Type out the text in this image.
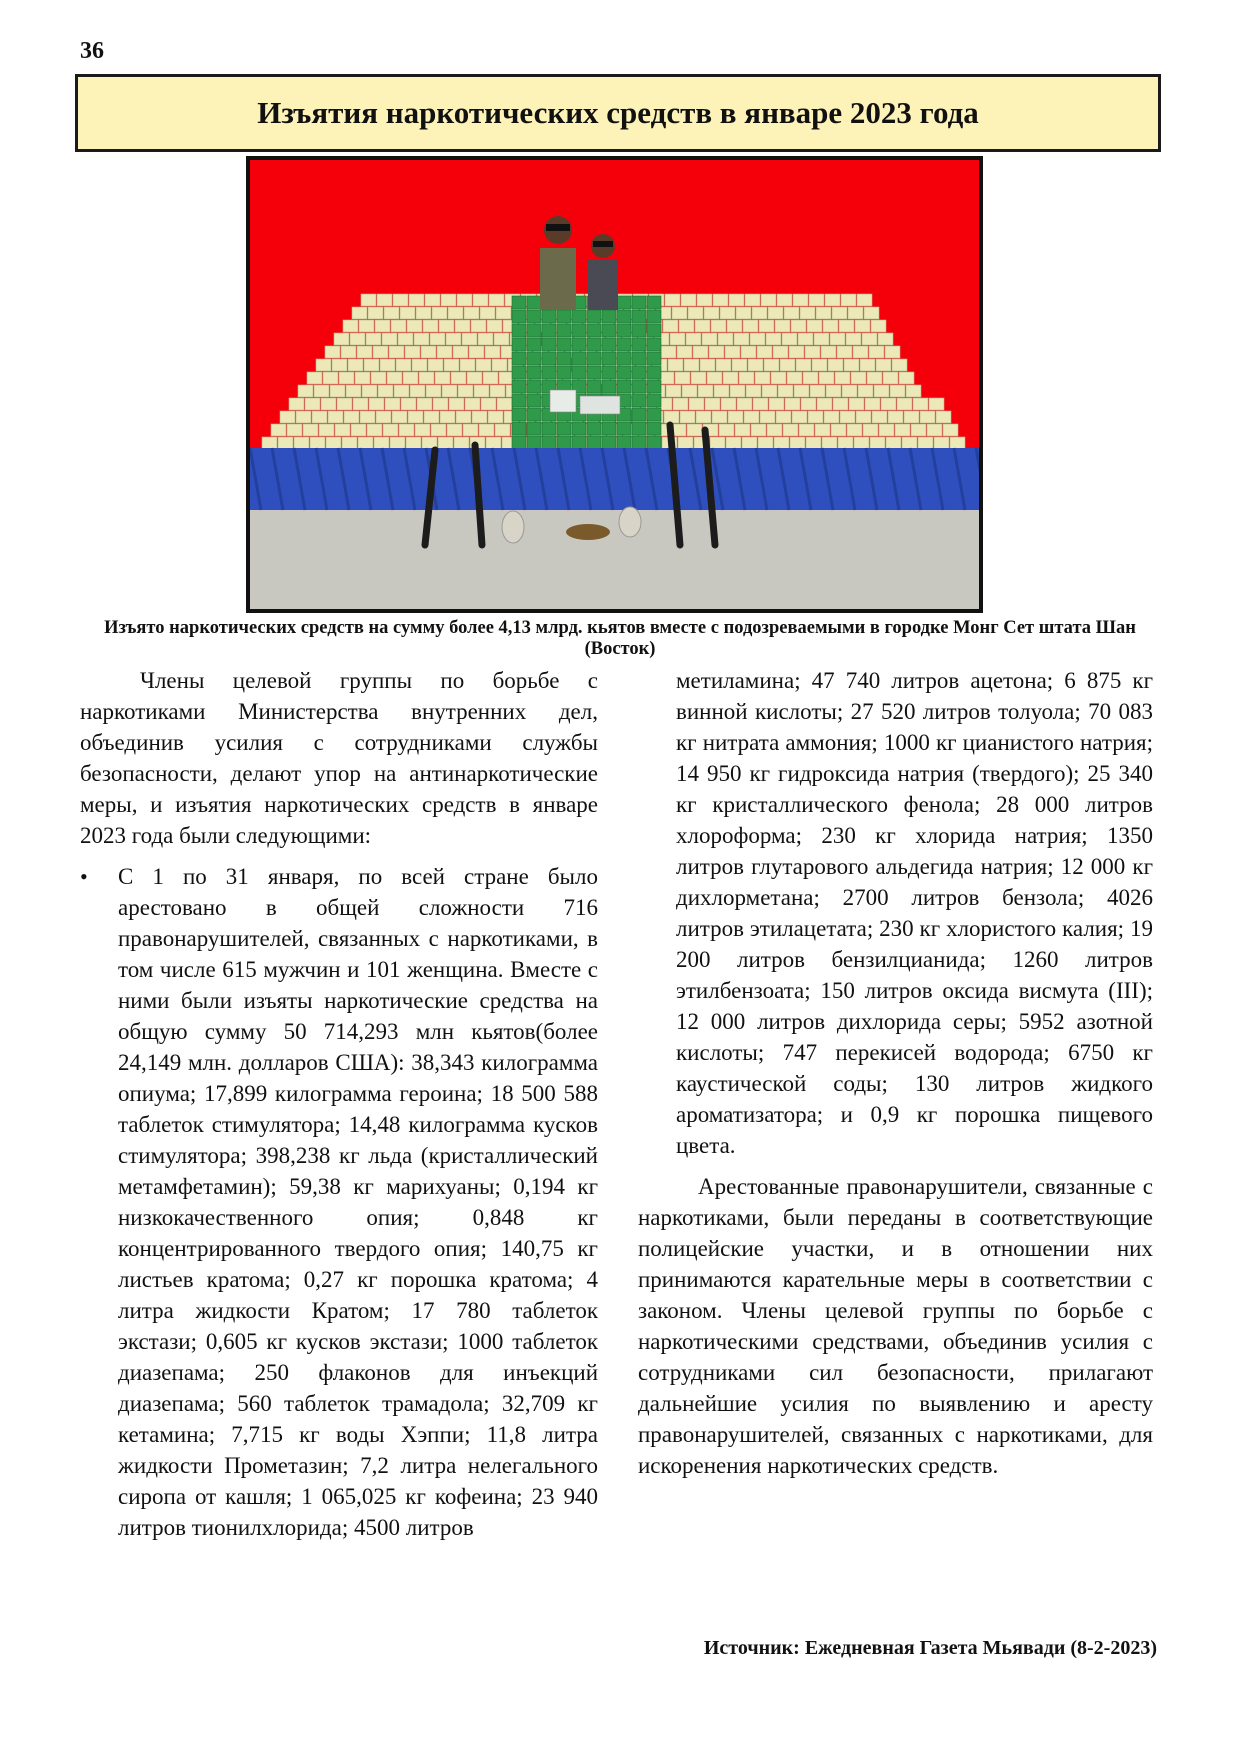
36
Изъятия наркотических средств в январе 2023 года
Изъято наркотических средств на сумму более 4,13 млрд. кьятов вместе с подозреваемыми в городке Монг Сет штата Шан (Восток)

Члены целевой группы по борьбе с наркотиками Министерства внутренних дел, объединив усилия с сотрудниками службы безопасности, делают упор на антинаркотические меры, и изъятия наркотических средств в январе 2023 года были следующими:

• С 1 по 31 января, по всей стране было арестовано в общей сложности 716 правонарушителей, связанных с наркотиками, в том числе 615 мужчин и 101 женщина. Вместе с ними были изъяты наркотические средства на общую сумму 50 714,293 млн кьятов(более 24,149 млн. долларов США): 38,343 килограмма опиума; 17,899 килограмма героина; 18 500 588 таблеток стимулятора; 14,48 килограмма кусков стимулятора; 398,238 кг льда (кристаллический метамфетамин); 59,38 кг марихуаны; 0,194 кг низкокачественного опия; 0,848 кг концентрированного твердого опия; 140,75 кг листьев кратома; 0,27 кг порошка кратома; 4 литра жидкости Кратом; 17 780 таблеток экстази; 0,605 кг кусков экстази; 1000 таблеток диазепама; 250 флаконов для инъекций диазепама; 560 таблеток трамадола; 32,709 кг кетамина; 7,715 кг воды Хэппи; 11,8 литра жидкости Прометазин; 7,2 литра нелегального сиропа от кашля; 1 065,025 кг кофеина; 23 940 литров тионилхлорида; 4500 литров

метиламина; 47 740 литров ацетона; 6 875 кг винной кислоты; 27 520 литров толуола; 70 083 кг нитрата аммония; 1000 кг цианистого натрия; 14 950 кг гидроксида натрия (твердого); 25 340 кг кристаллического фенола; 28 000 литров хлороформа; 230 кг хлорида натрия; 1350 литров глутарового альдегида натрия; 12 000 кг дихлорметана; 2700 литров бензола; 4026 литров этилацетата; 230 кг хлористого калия; 19 200 литров бензилцианида; 1260 литров этилбензоата; 150 литров оксида висмута (III); 12 000 литров дихлорида серы; 5952 азотной кислоты; 747 перекисей водорода; 6750 кг каустической соды; 130 литров жидкого ароматизатора; и 0,9 кг порошка пищевого цвета.

Арестованные правонарушители, связанные с наркотиками, были переданы в соответствующие полицейские участки, и в отношении них принимаются карательные меры в соответствии с законом. Члены целевой группы по борьбе с наркотическими средствами, объединив усилия с сотрудниками сил безопасности, прилагают дальнейшие усилия по выявлению и аресту правонарушителей, связанных с наркотиками, для искоренения наркотических средств.

Источник: Ежедневная Газета Мьявади (8-2-2023)
